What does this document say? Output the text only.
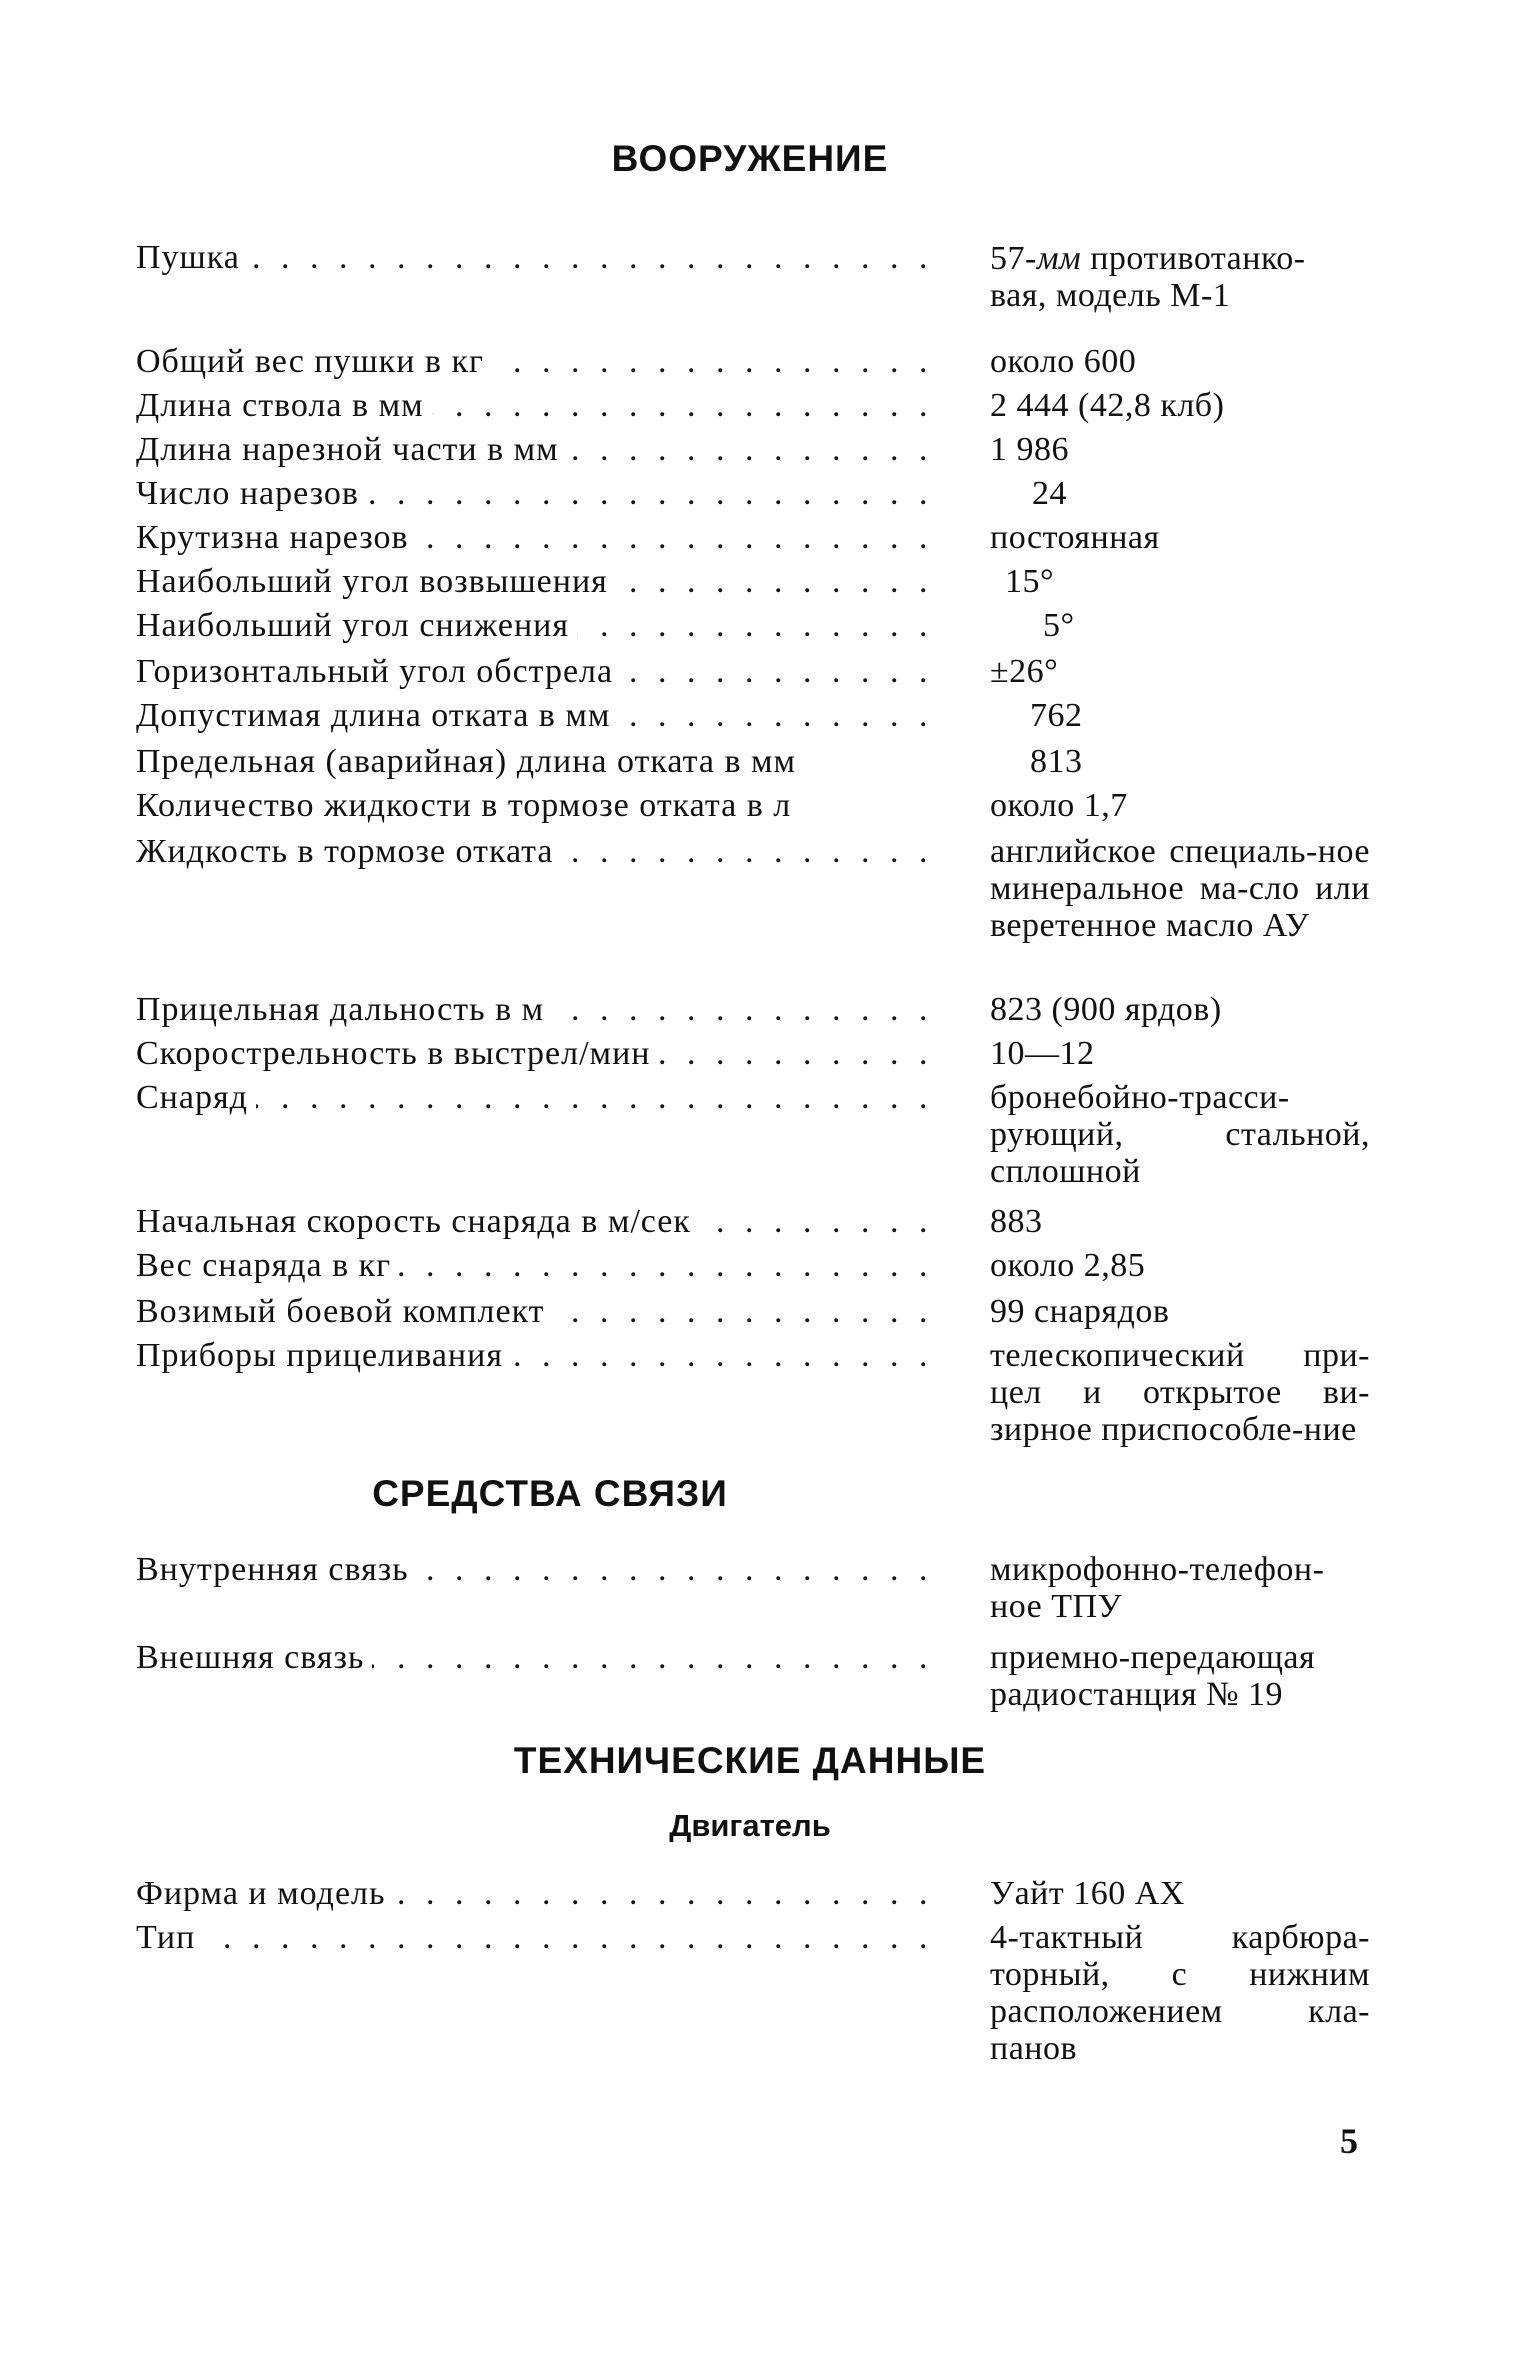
ВООРУЖЕНИЕ
Пушка . . .	57-мм противотанко-
вая, модель М-1
Общий вес пушки в кг . . .	около 600
Длина ствола в мм . . .	2 444 (42,8 клб)
Длина нарезной части в мм . . .	1 986
Число нарезов . . .	24
Крутизна нарезов . . .	постоянная
Наибольший угол возвышения . . .	15°
Наибольший угол снижения . . .	5°
Горизонтальный угол обстрела . . .	±26°
Допустимая длина отката в мм . . .	762
Предельная (аварийная) длина отката в мм	813
Количество жидкости в тормозе отката в л	около 1,7
Жидкость в тормозе отката . . .	английское специаль-ное минеральное ма-сло или веретенное масло АУ
Прицельная дальность в м . . .	823 (900 ярдов)
Скорострельность в выстрел/мин . . .	10—12
Снаряд . . .	бронебойно-трасси-рующий, стальной, сплошной
Начальная скорость снаряда в м/сек . . .	883
Вес снаряда в кг . . .	около 2,85
Возимый боевой комплект . . .	99 снарядов
Приборы прицеливания . . .	телескопический при-цел и открытое ви-зирное приспособле-ние
СРЕДСТВА СВЯЗИ
Внутренняя связь . . .	микрофонно-телефон-ное ТПУ
Внешняя связь . . .	приемно-передающая радиостанция № 19
ТЕХНИЧЕСКИЕ ДАННЫЕ
Двигатель
Фирма и модель . . .	Уайт 160 АХ
Тип . . .	4-тактный карбюра-торный, с нижним расположением кла-панов
5
